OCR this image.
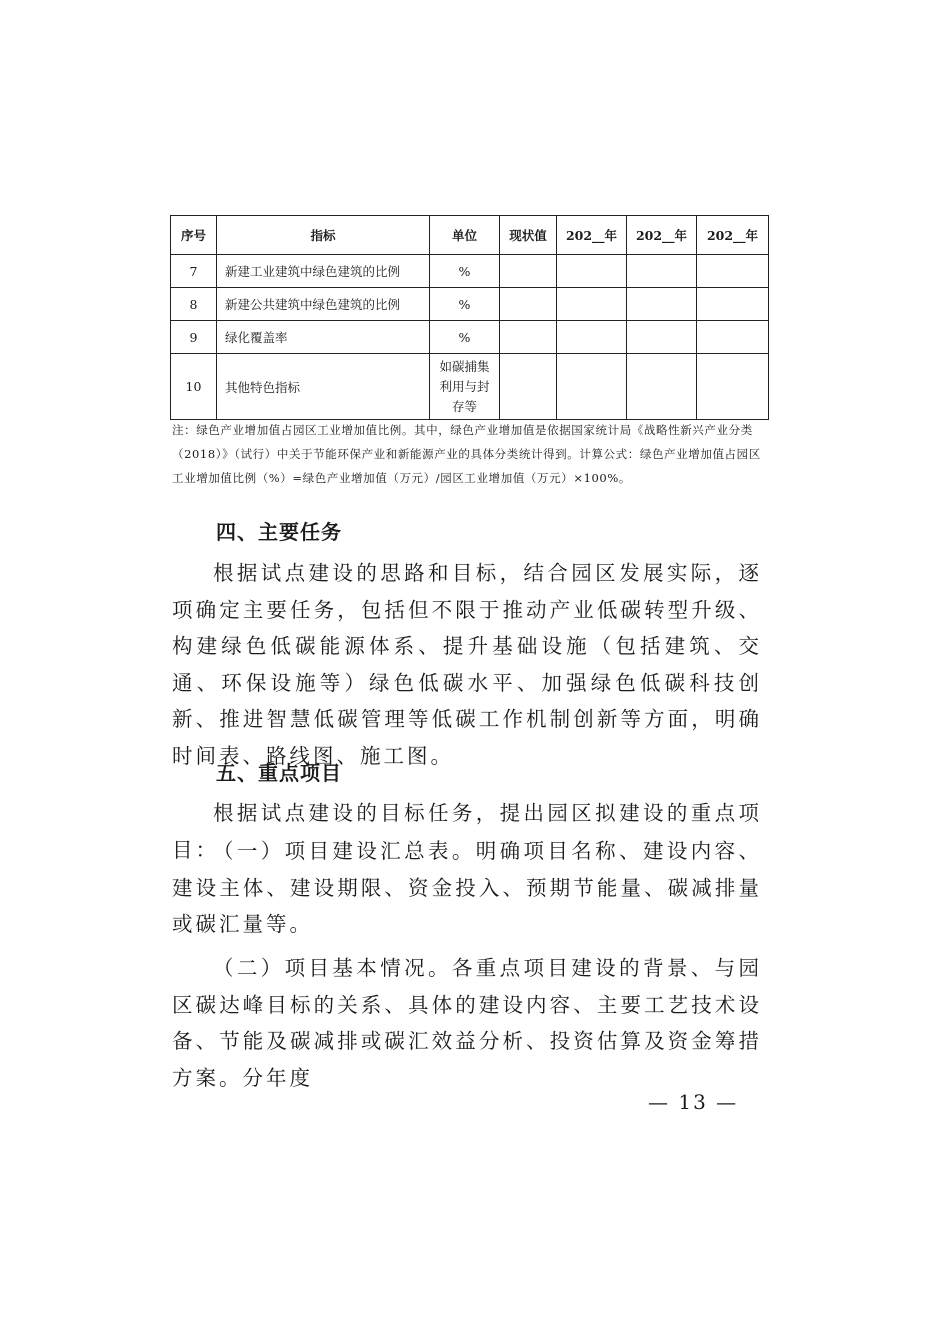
序号	指标	单位	现状值	202__年	202__年	202__年
7	新建工业建筑中绿色建筑的比例	%				
8	新建公共建筑中绿色建筑的比例	%				
9	绿化覆盖率	%				
10	其他特色指标	如碳捕集利用与封存等				
注：绿色产业增加值占园区工业增加值比例。其中，绿色产业增加值是依据国家统计局《战略性新兴产业分类（2018）》（试行）中关于节能环保产业和新能源产业的具体分类统计得到。计算公式：绿色产业增加值占园区工业增加值比例（%）=绿色产业增加值（万元）/园区工业增加值（万元）×100%。
四、主要任务
根据试点建设的思路和目标，结合园区发展实际，逐项确定主要任务，包括但不限于推动产业低碳转型升级、构建绿色低碳能源体系、提升基础设施（包括建筑、交通、环保设施等）绿色低碳水平、加强绿色低碳科技创新、推进智慧低碳管理等低碳工作机制创新等方面，明确时间表、路线图、施工图。
五、重点项目
根据试点建设的目标任务，提出园区拟建设的重点项目：
（一）项目建设汇总表。明确项目名称、建设内容、建设主体、建设期限、资金投入、预期节能量、碳减排量或碳汇量等。
（二）项目基本情况。各重点项目建设的背景、与园区碳达峰目标的关系、具体的建设内容、主要工艺技术设备、节能及碳减排或碳汇效益分析、投资估算及资金筹措方案。分年度
— 13 —
